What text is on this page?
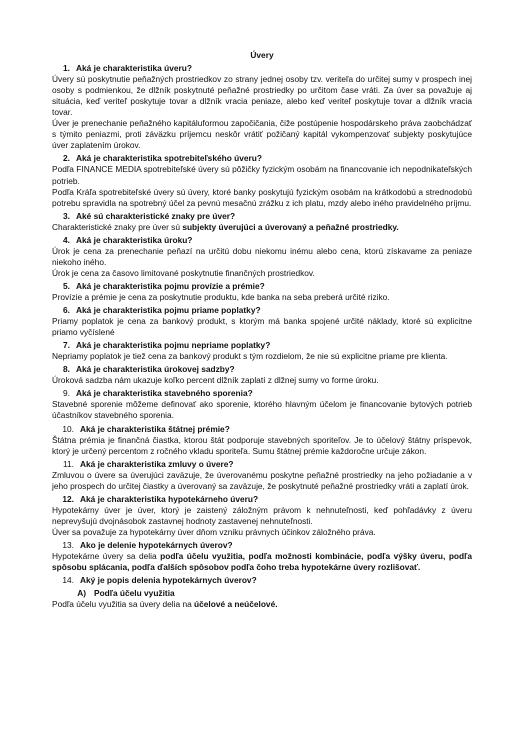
Úvery
1. Aká je charakteristika úveru?

Úvery sú poskytnutie peňažných prostriedkov zo strany jednej osoby tzv. veriteľa do určitej sumy v prospech inej osoby s podmienkou, že dlžník poskytnuté peňažné prostriedky po určitom čase vráti. Za úver sa považuje aj situácia, keď veriteľ poskytuje tovar a dlžník vracia peniaze, alebo keď veriteľ poskytuje tovar a dlžník vracia tovar.

Úver je prenechanie peňažného kapitáluformou započičania, čiže postúpenie hospodárskeho práva zaobchádzať s týmito peniazmi, proti záväzku príjemcu neskôr vrátiť požičaný kapitál vykompenzovať subjekty poskytujúce úver zaplatením úrokov.

2. Aká je charakteristika spotrebiteľského úveru?

Podľa FINANCE MEDIA spotrebiteľské úvery sú pôžičky fyzickým osobám na financovanie ich nepodnikateľských potrieb.

Podľa Kráľa spotrebiteľské úvery sú úvery, ktoré banky poskytujú fyzickým osobám na krátkodobú a strednodobú potrebu spravidla na spotrebný účel za pevnú mesačnú zrážku z ich platu, mzdy alebo iného pravidelného príjmu.

3. Aké sú charakteristické znaky pre úver?

Charakteristické znaky pre úver sú subjekty úverujúci a úverovaný a peňažné prostriedky.

4. Aká je charakteristika úroku?

Úrok je cena za prenechanie peňazí na určitú dobu niekomu inému alebo cena, ktorú získavame za peniaze niekoho iného.

Úrok je cena za časovo limitované poskytnutie finančných prostriedkov.

5. Aká je charakteristika pojmu provízie a prémie?

Provízie a prémie je cena za poskytnutie produktu, kde banka na seba preberá určité riziko.

6. Aká je charakteristika pojmu priame poplatky?

Priamy poplatok je cena za bankový produkt, s ktorým má banka spojené určité náklady, ktoré sú explicitne priamo vyčíslené

7. Aká je charakteristika pojmu nepriame poplatky?

Nepriamy poplatok je tiež cena za bankový produkt s tým rozdielom, že nie sú explicitne priame pre klienta.

8. Aká je charakteristika úrokovej sadzby?

Úroková sadzba nám ukazuje koľko percent dlžník zaplatí z dlžnej sumy vo forme úroku.

9. Aká je charakteristika stavebného sporenia?

Stavebné sporenie môžeme definovať ako sporenie, ktorého hlavným účelom je financovanie bytových potrieb účastníkov stavebného sporenia.

10. Aká je charakteristika štátnej prémie?

Štátna prémia je finančná čiastka, ktorou štát podporuje stavebných sporiteľov. Je to účelový štátny príspevok, ktorý je určený percentom z ročného vkladu sporiteľa. Sumu štátnej prémie každoročne určuje zákon.

11. Aká je charakteristika zmluvy o úvere?

Zmluvou o úvere sa úverujúci zaväzuje, že úverovanému poskytne peňažné prostriedky na jeho požiadanie a v jeho prospech do určitej čiastky a úverovaný sa zaväzuje, že poskytnuté peňažné prostriedky vráti a zaplatí úrok.

12. Aká je charakteristika hypotekárneho úveru?

Hypotekárny úver je úver, ktorý je zaistený záložným právom k nehnuteľnosti, keď pohľadávky z úveru neprevyšujú dvojnásobok zastavnej hodnoty zastavenej nehnuteľnosti.

Úver sa považuje za hypotekárny úver dňom vzniku právnych účinkov záložného práva.

13. Ako je delenie hypotekárnych úverov?

Hypotekárne úvery sa delia podľa účelu využitia, podľa možnosti kombinácie, podľa výšky úveru, podľa spôsobu splácania, podľa ďalších spôsobov podľa čoho treba hypotekárne úvery rozlišovať.

14. Aký je popis delenia hypotekárnych úverov?
A) Podľa účelu využitia

Podľa účelu využitia sa úvery delia na účelové a neúčelové.
